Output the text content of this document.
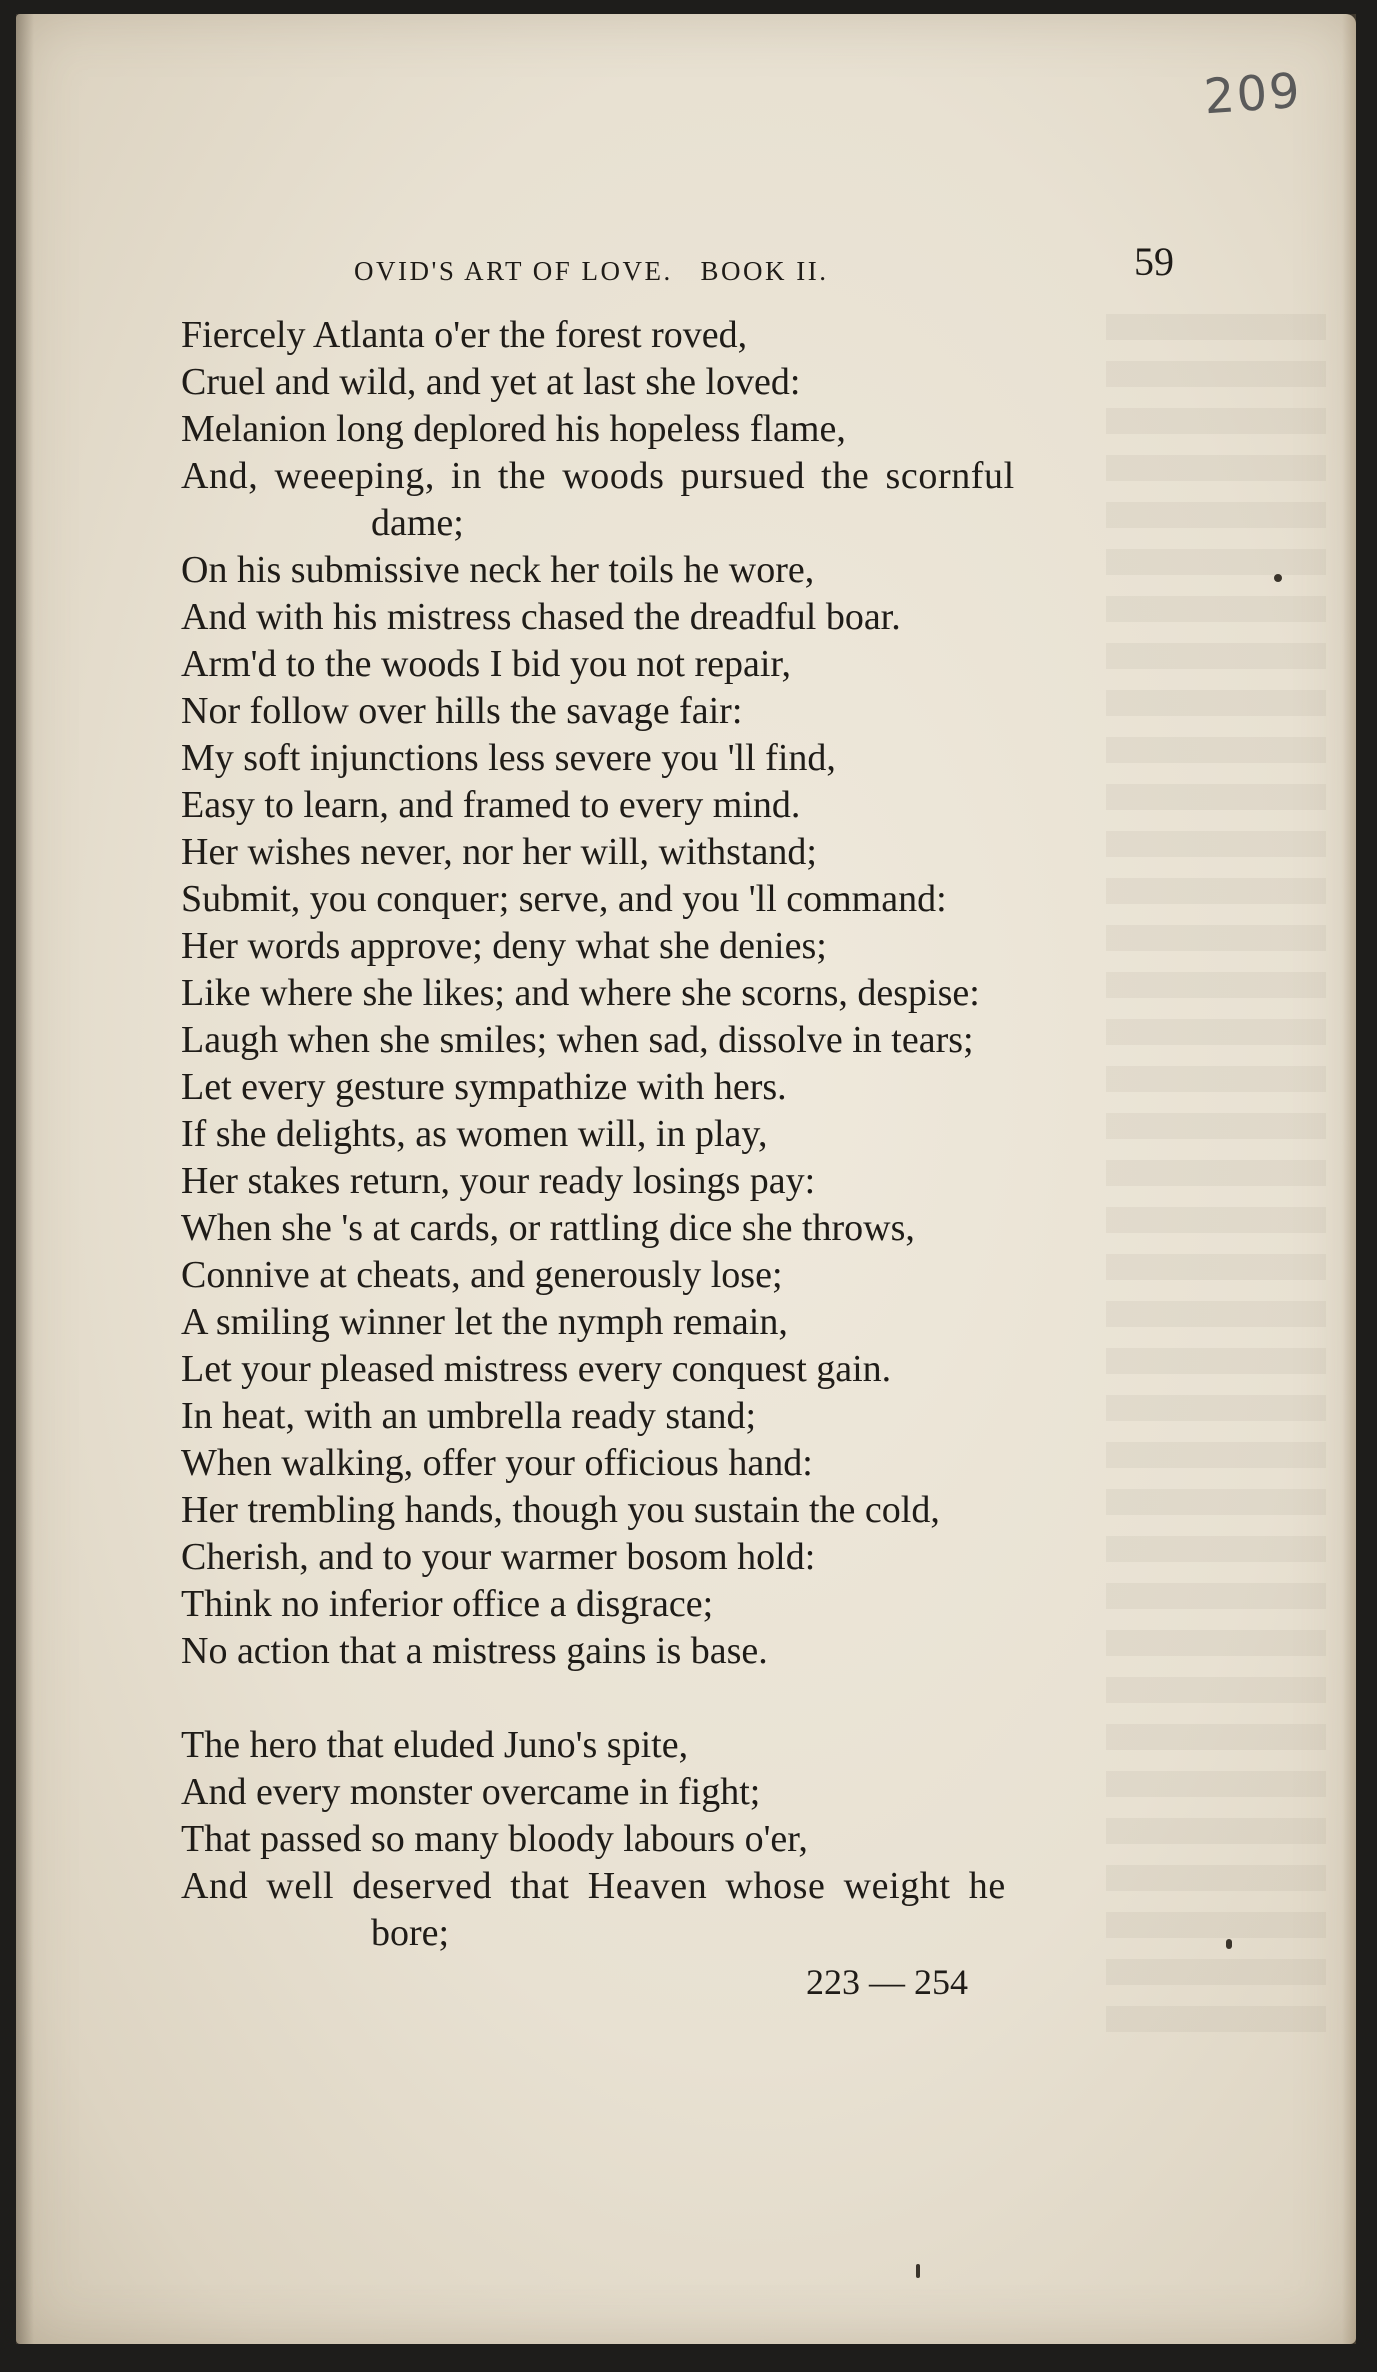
209
OVID'S ART OF LOVE.   BOOK II.	59
Fiercely Atlanta o'er the forest roved,
Cruel and wild, and yet at last she loved:
Melanion long deplored his hopeless flame,
And, weeeping, in the woods pursued the scornful
dame;
On his submissive neck her toils he wore,
And with his mistress chased the dreadful boar.
Arm'd to the woods I bid you not repair,
Nor follow over hills the savage fair:
My soft injunctions less severe you 'll find,
Easy to learn, and framed to every mind.
Her wishes never, nor her will, withstand;
Submit, you conquer; serve, and you 'll command:
Her words approve; deny what she denies;
Like where she likes; and where she scorns, despise:
Laugh when she smiles; when sad, dissolve in tears;
Let every gesture sympathize with hers.
If she delights, as women will, in play,
Her stakes return, your ready losings pay:
When she 's at cards, or rattling dice she throws,
Connive at cheats, and generously lose;
A smiling winner let the nymph remain,
Let your pleased mistress every conquest gain.
In heat, with an umbrella ready stand;
When walking, offer your officious hand:
Her trembling hands, though you sustain the cold,
Cherish, and to your warmer bosom hold:
Think no inferior office a disgrace;
No action that a mistress gains is base.
The hero that eluded Juno's spite,
And every monster overcame in fight;
That passed so many bloody labours o'er,
And well deserved that Heaven whose weight he
bore;
223 — 254
